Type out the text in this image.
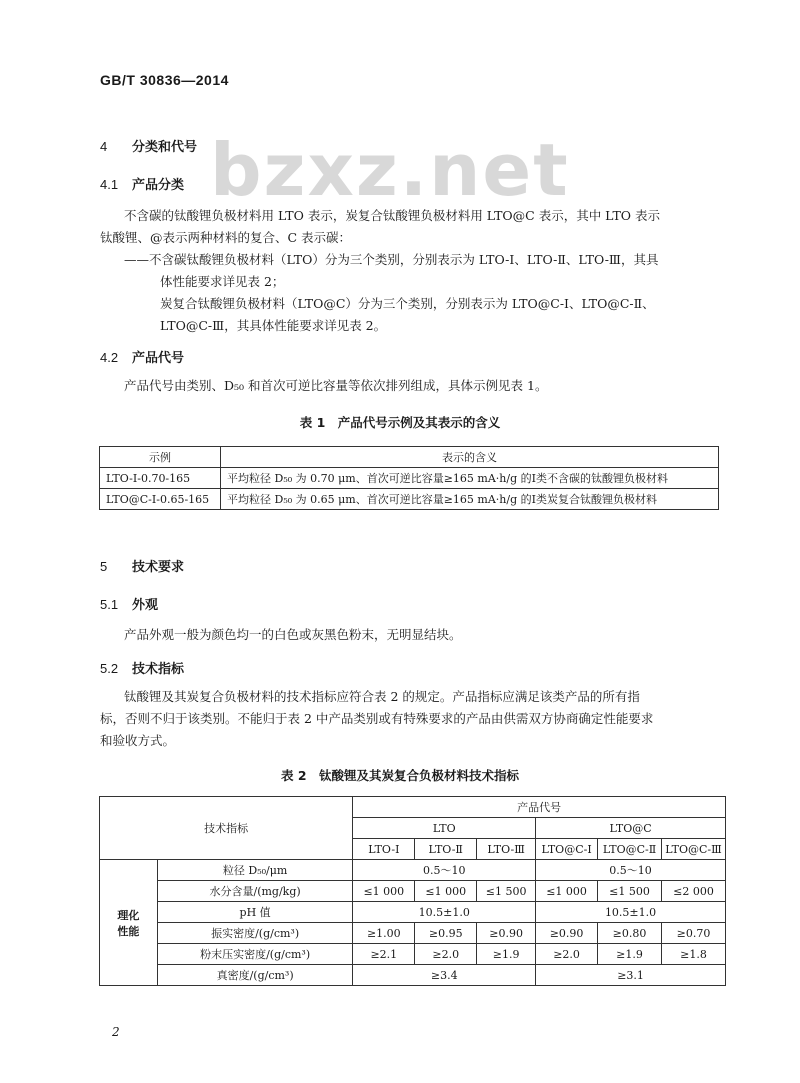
GB/T 30836—2014
bzxz.net
4 分类和代号
4.1 产品分类
不含碳的钛酸锂负极材料用 LTO 表示，炭复合钛酸锂负极材料用 LTO@C 表示，其中 LTO 表示
钛酸锂、@表示两种材料的复合、C 表示碳：
——不含碳钛酸锂负极材料（LTO）分为三个类别，分别表示为 LTO-Ⅰ、LTO-Ⅱ、LTO-Ⅲ，其具
体性能要求详见表 2；
炭复合钛酸锂负极材料（LTO@C）分为三个类别，分别表示为 LTO@C-Ⅰ、LTO@C-Ⅱ、
LTO@C-Ⅲ，其具体性能要求详见表 2。
4.2 产品代号
产品代号由类别、D₅₀ 和首次可逆比容量等依次排列组成，具体示例见表 1。
表 1　产品代号示例及其表示的含义
示例	表示的含义
LTO-Ⅰ-0.70-165	平均粒径 D₅₀ 为 0.70 μm、首次可逆比容量≥165 mA·h/g 的Ⅰ类不含碳的钛酸锂负极材料
LTO@C-Ⅰ-0.65-165	平均粒径 D₅₀ 为 0.65 μm、首次可逆比容量≥165 mA·h/g 的Ⅰ类炭复合钛酸锂负极材料
5 技术要求
5.1 外观
产品外观一般为颜色均一的白色或灰黑色粉末，无明显结块。
5.2 技术指标
钛酸锂及其炭复合负极材料的技术指标应符合表 2 的规定。产品指标应满足该类产品的所有指
标，否则不归于该类别。不能归于表 2 中产品类别或有特殊要求的产品由供需双方协商确定性能要求
和验收方式。
表 2　钛酸锂及其炭复合负极材料技术指标
技术指标		产品代号					
		LTO			LTO@C		
		LTO-Ⅰ	LTO-Ⅱ	LTO-Ⅲ	LTO@C-Ⅰ	LTO@C-Ⅱ	LTO@C-Ⅲ
理化
性能	粒径 D₅₀/μm	0.5～10			0.5～10		
	水分含量/(mg/kg)	≤1 000	≤1 000	≤1 500	≤1 000	≤1 500	≤2 000
	pH 值	10.5±1.0			10.5±1.0		
	振实密度/(g/cm³)	≥1.00	≥0.95	≥0.90	≥0.90	≥0.80	≥0.70
	粉末压实密度/(g/cm³)	≥2.1	≥2.0	≥1.9	≥2.0	≥1.9	≥1.8
	真密度/(g/cm³)	≥3.4			≥3.1		
2
